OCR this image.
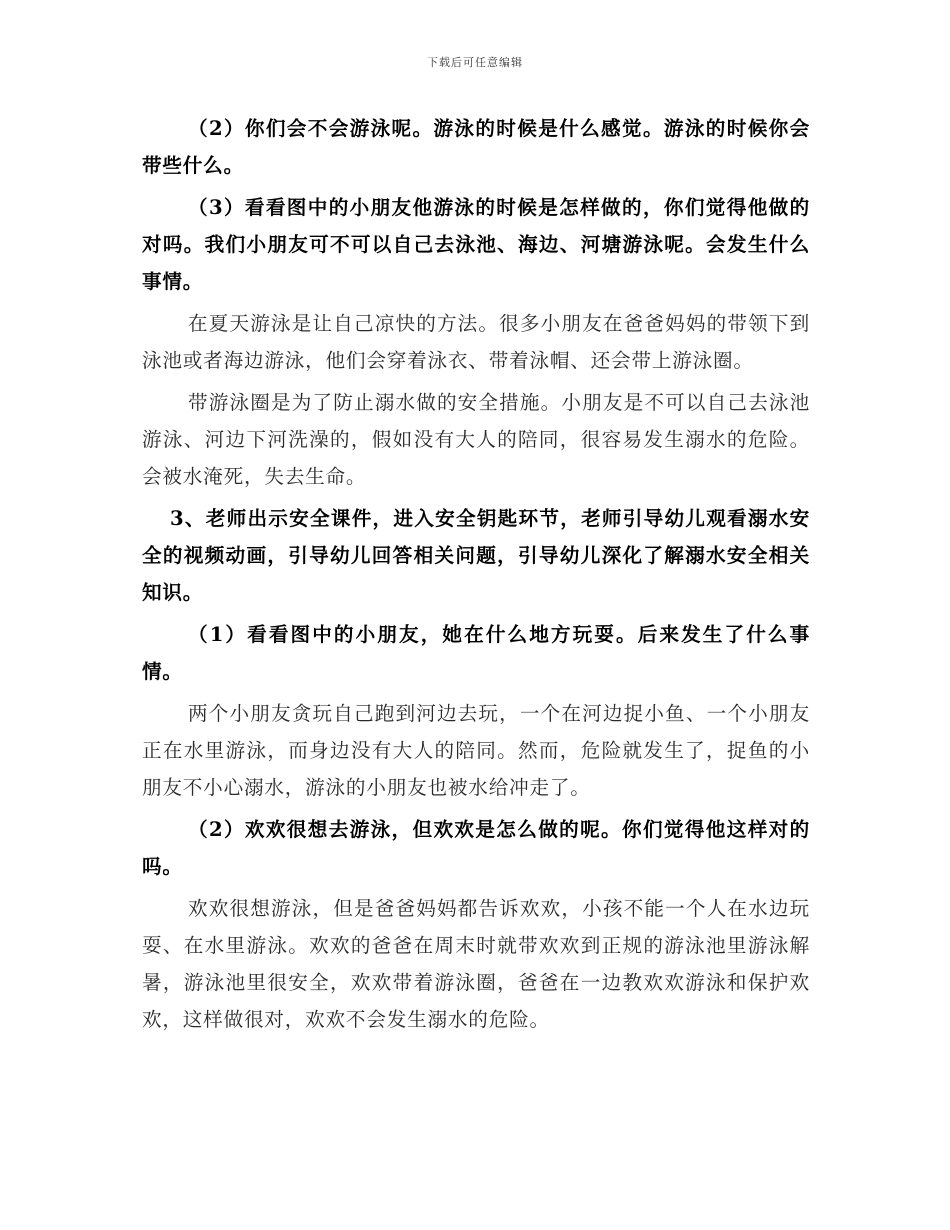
下载后可任意编辑

（2）你们会不会游泳呢。游泳的时候是什么感觉。游泳的时候你会带些什么。

（3）看看图中的小朋友他游泳的时候是怎样做的，你们觉得他做的对吗。我们小朋友可不可以自己去泳池、海边、河塘游泳呢。会发生什么事情。

在夏天游泳是让自己凉快的方法。很多小朋友在爸爸妈妈的带领下到泳池或者海边游泳，他们会穿着泳衣、带着泳帽、还会带上游泳圈。

带游泳圈是为了防止溺水做的安全措施。小朋友是不可以自己去泳池游泳、河边下河洗澡的，假如没有大人的陪同，很容易发生溺水的危险。会被水淹死，失去生命。

3、老师出示安全课件，进入安全钥匙环节，老师引导幼儿观看溺水安全的视频动画，引导幼儿回答相关问题，引导幼儿深化了解溺水安全相关知识。

（1）看看图中的小朋友，她在什么地方玩耍。后来发生了什么事情。

两个小朋友贪玩自己跑到河边去玩，一个在河边捉小鱼、一个小朋友正在水里游泳，而身边没有大人的陪同。然而，危险就发生了，捉鱼的小朋友不小心溺水，游泳的小朋友也被水给冲走了。

（2）欢欢很想去游泳，但欢欢是怎么做的呢。你们觉得他这样对的吗。

欢欢很想游泳，但是爸爸妈妈都告诉欢欢，小孩不能一个人在水边玩耍、在水里游泳。欢欢的爸爸在周末时就带欢欢到正规的游泳池里游泳解暑，游泳池里很安全，欢欢带着游泳圈，爸爸在一边教欢欢游泳和保护欢欢，这样做很对，欢欢不会发生溺水的危险。
